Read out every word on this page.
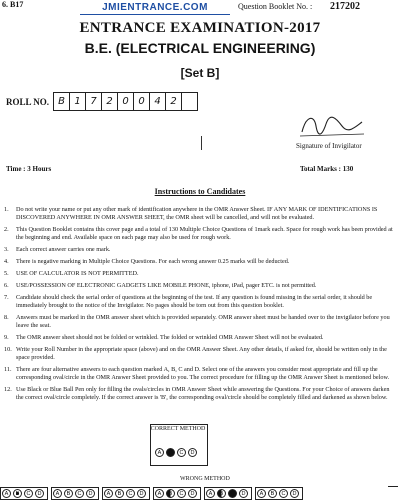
6. B17	JMIENTRANCE.COM	Question Booklet No. : 217202
ENTRANCE EXAMINATION-2017
B.E. (ELECTRICAL ENGINEERING)
[Set B]
ROLL NO. B 1 7 2 0 0 4 2
Signature of Invigilator
Time : 3 Hours	Total Marks : 130
Instructions to Candidates
1.	Do not write your name or put any other mark of identification anywhere in the OMR Answer Sheet. IF ANY MARK OF IDENTIFICATIONS IS DISCOVERED ANYWHERE IN OMR ANSWER SHEET, the OMR sheet will be cancelled, and will not be evaluated.
2.	This Question Booklet contains this cover page and a total of 130 Multiple Choice Questions of 1mark each. Space for rough work has been provided at the beginning and end. Available space on each page may also be used for rough work.
3.	Each correct answer carries one mark.
4.	There is negative marking in Multiple Choice Questions. For each wrong answer 0.25 marks will be deducted.
5.	USE OF CALCULATOR IS NOT PERMITTED.
6.	USE/POSSESSION OF ELECTRONIC GADGETS LIKE MOBILE PHONE, iphone, iPad, pager ETC. is not permitted.
7.	Candidate should check the serial order of questions at the beginning of the test. If any question is found missing in the serial order, it should be immediately brought to the notice of the Invigilator. No pages should be torn out from this question booklet.
8.	Answers must be marked in the OMR answer sheet which is provided separately. OMR answer sheet must be handed over to the invigilator before you leave the seat.
9.	The OMR answer sheet should not be folded or wrinkled. The folded or wrinkled OMR Answer Sheet will not be evaluated.
10. Write your Roll Number in the appropriate space (above) and on the OMR Answer Sheet. Any other details, if asked for, should be written only in the space provided.
11. There are four alternative answers to each question marked A, B, C and D. Select one of the answers you consider most appropriate and fill up the corresponding oval/circle in the OMR Answer Sheet provided to you. The correct procedure for filling up the OMR Answer Sheet is mentioned below.
12. Use Black or Blue Ball Pen only for filling the ovals/circles in OMR Answer Sheet while answering the Questions. For your Choice of answers darken the correct oval/circle completely. If the correct answer is 'B', the corresponding oval/circle should be completely filled and darkened as shown below.
CORRECT METHOD
A	B	C	D
WRONG METHOD
A	B	C	D	A	B	C	D	A	B	C	D	A	B	C	D	A	B	C	D	A	B	C	D
